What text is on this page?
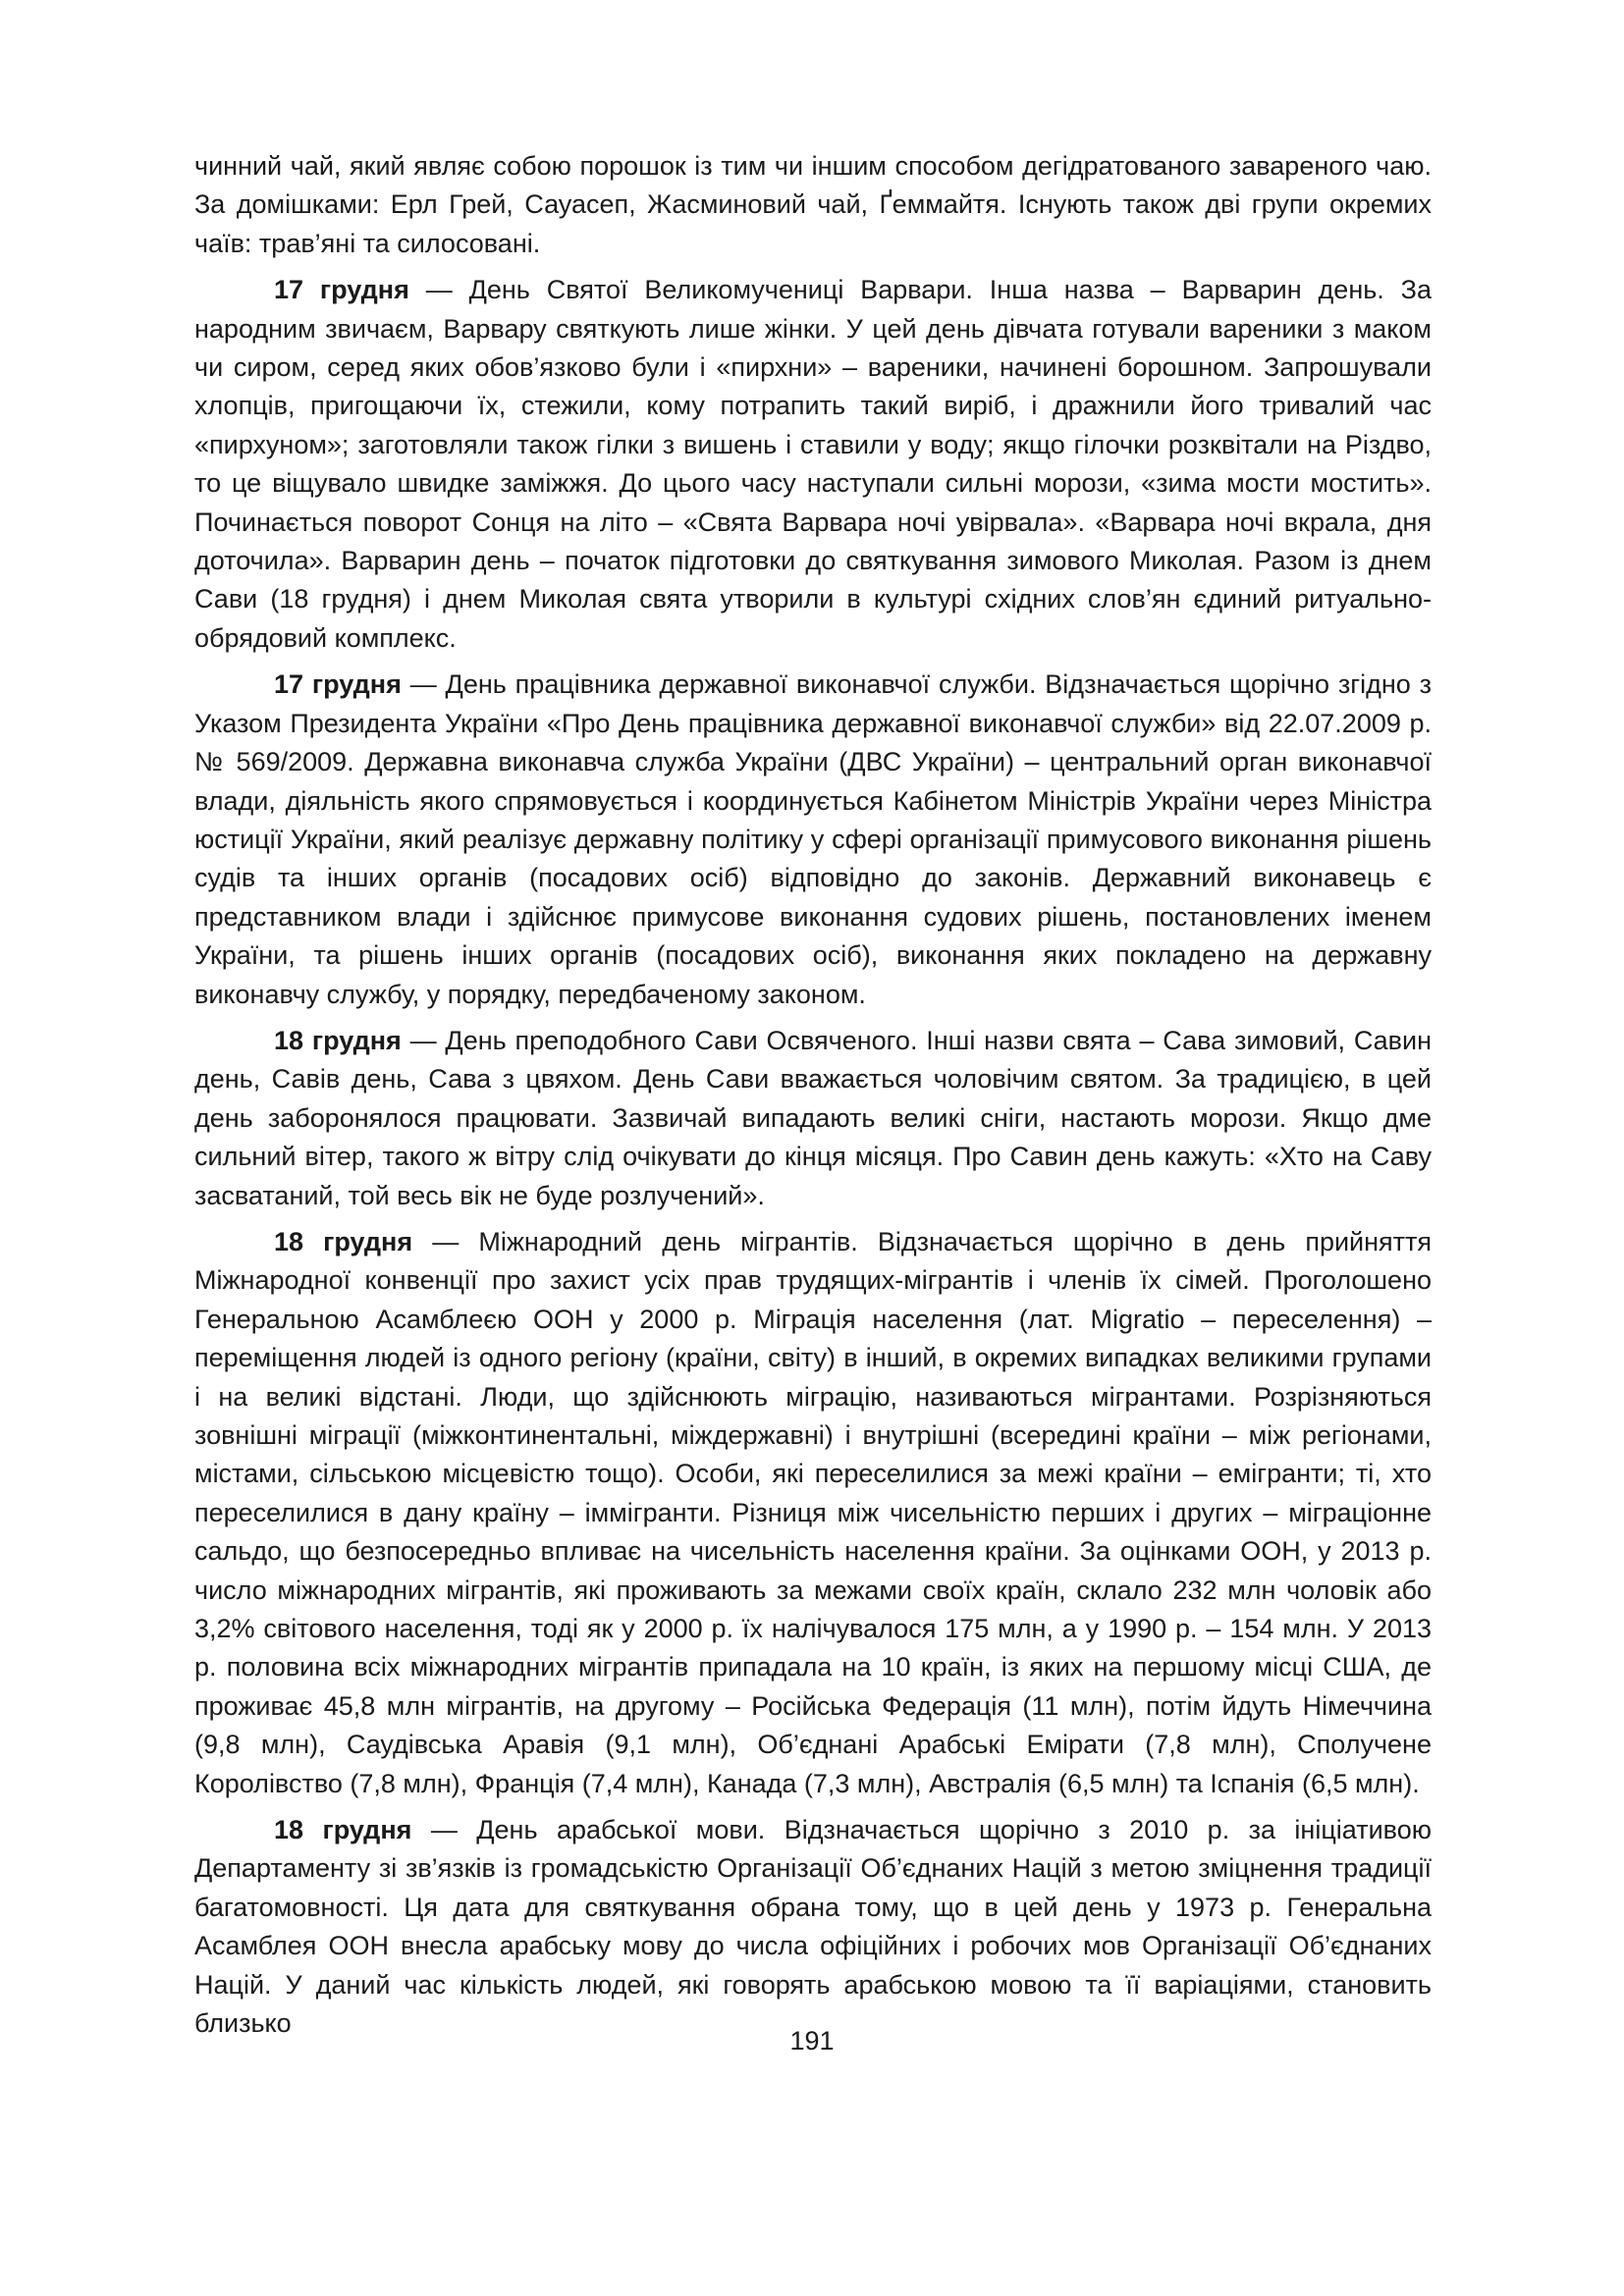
чинний чай, який являє собою порошок із тим чи іншим способом дегідратованого завареного чаю. За домішками: Ерл Грей, Сауасеп, Жасминовий чай, Ґеммайтя. Існують також дві групи окремих чаїв: трав’яні та силосовані.

17 грудня — День Святої Великомучениці Варвари. Інша назва – Варварин день. За народним звичаєм, Варвару святкують лише жінки. У цей день дівчата готували вареники з маком чи сиром, серед яких обов’язково були і «пирхни» – вареники, начинені борошном. Запрошували хлопців, пригощаючи їх, стежили, кому потрапить такий виріб, і дражнили його тривалий час «пирхуном»; заготовляли також гілки з вишень і ставили у воду; якщо гілочки розквітали на Різдво, то це віщувало швидке заміжжя. До цього часу наступали сильні морози, «зима мости мостить». Починається поворот Сонця на літо – «Свята Варвара ночі увірвала». «Варвара ночі вкрала, дня доточила». Варварин день – початок підготовки до святкування зимового Миколая. Разом із днем Сави (18 грудня) і днем Миколая свята утворили в культурі східних слов’ян єдиний ритуально-обрядовий комплекс.

17 грудня — День працівника державної виконавчої служби. Відзначається щорічно згідно з Указом Президента України «Про День працівника державної виконавчої служби» від 22.07.2009 р. № 569/2009. Державна виконавча служба України (ДВС України) – центральний орган виконавчої влади, діяльність якого спрямовується і координується Кабінетом Міністрів України через Міністра юстиції України, який реалізує державну політику у сфері організації примусового виконання рішень судів та інших органів (посадових осіб) відповідно до законів. Державний виконавець є представником влади і здійснює примусове виконання судових рішень, постановлених іменем України, та рішень інших органів (посадових осіб), виконання яких покладено на державну виконавчу службу, у порядку, передбаченому законом.

18 грудня — День преподобного Сави Освяченого. Інші назви свята – Сава зимовий, Савин день, Савів день, Сава з цвяхом. День Сави вважається чоловічим святом. За традицією, в цей день заборонялося працювати. Зазвичай випадають великі сніги, настають морози. Якщо дме сильний вітер, такого ж вітру слід очікувати до кінця місяця. Про Савин день кажуть: «Хто на Саву засватаний, той весь вік не буде розлучений».

18 грудня — Міжнародний день мігрантів. Відзначається щорічно в день прийняття Міжнародної конвенції про захист усіх прав трудящих-мігрантів і членів їх сімей. Проголошено Генеральною Асамблеєю ООН у 2000 р. Міграція населення (лат. Migratio – переселення) – переміщення людей із одного регіону (країни, світу) в інший, в окремих випадках великими групами і на великі відстані. Люди, що здійснюють міграцію, називаються мігрантами. Розрізняються зовнішні міграції (міжконтинентальні, міждержавні) і внутрішні (всередині країни – між регіонами, містами, сільською місцевістю тощо). Особи, які переселилися за межі країни – емігранти; ті, хто переселилися в дану країну – іммігранти. Різниця між чисельністю перших і других – міграціонне сальдо, що безпосередньо впливає на чисельність населення країни. За оцінками ООН, у 2013 р. число міжнародних мігрантів, які проживають за межами своїх країн, склало 232 млн чоловік або 3,2% світового населення, тоді як у 2000 р. їх налічувалося 175 млн, а у 1990 р. – 154 млн. У 2013 р. половина всіх міжнародних мігрантів припадала на 10 країн, із яких на першому місці США, де проживає 45,8 млн мігрантів, на другому – Російська Федерація (11 млн), потім йдуть Німеччина (9,8 млн), Саудівська Аравія (9,1 млн), Об’єднані Арабські Емірати (7,8 млн), Сполучене Королівство (7,8 млн), Франція (7,4 млн), Канада (7,3 млн), Австралія (6,5 млн) та Іспанія (6,5 млн).

18 грудня — День арабської мови. Відзначається щорічно з 2010 р. за ініціативою Департаменту зі зв’язків із громадськістю Організації Об’єднаних Націй з метою зміцнення традиції багатомовності. Ця дата для святкування обрана тому, що в цей день у 1973 р. Генеральна Асамблея ООН внесла арабську мову до числа офіційних і робочих мов Організації Об’єднаних Націй. У даний час кількість людей, які говорять арабською мовою та її варіаціями, становить близько

191
